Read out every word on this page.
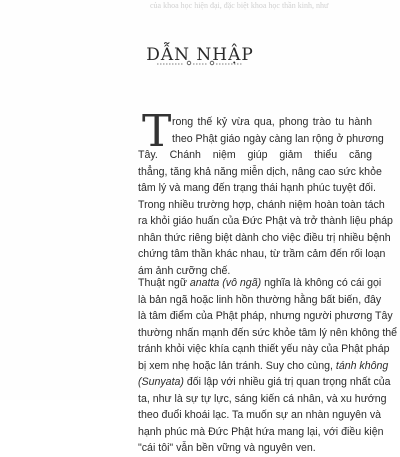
của khoa học hiện đại, đặc biệt khoa học thần kinh, như
DẪN NHẬP
T rong thế kỷ vừa qua, phong trào tu hành
theo Phật giáo ngày càng lan rộng ở phương
Tây. Chánh niệm giúp giảm thiểu căng
thẳng, tăng khả năng miễn dịch, nâng cao sức khỏe
tâm lý và mang đến trạng thái hạnh phúc tuyệt đối.
Trong nhiều trường hợp, chánh niệm hoàn toàn tách
ra khỏi giáo huấn của Đức Phật và trở thành liệu pháp
nhân thức riêng biệt dành cho việc điều trị nhiều bệnh
chứng tâm thần khác nhau, từ trầm cảm đến rối loạn
ám ảnh cưỡng chế.
Thuật ngữ anatta (vô ngã) nghĩa là không có cái gọi
là bản ngã hoặc linh hồn thường hằng bất biến, đây
là tâm điểm của Phật pháp, nhưng người phương Tây
thường nhấn mạnh đến sức khỏe tâm lý nên không thể
tránh khỏi việc khía cạnh thiết yếu này của Phật pháp
bị xem nhẹ hoặc lản tránh. Suy cho cùng, tánh không
(Sunyata) đối lập với nhiều giá trị quan trọng nhất của
ta, như là sự tự lực, sáng kiến cá nhân, và xu hướng
theo đuổi khoái lạc. Ta muốn sự an nhàn nguyên và
hạnh phúc mà Đức Phật hứa mang lại, với điều kiện
"cái tôi" vẫn bền vững và nguyên ven.
